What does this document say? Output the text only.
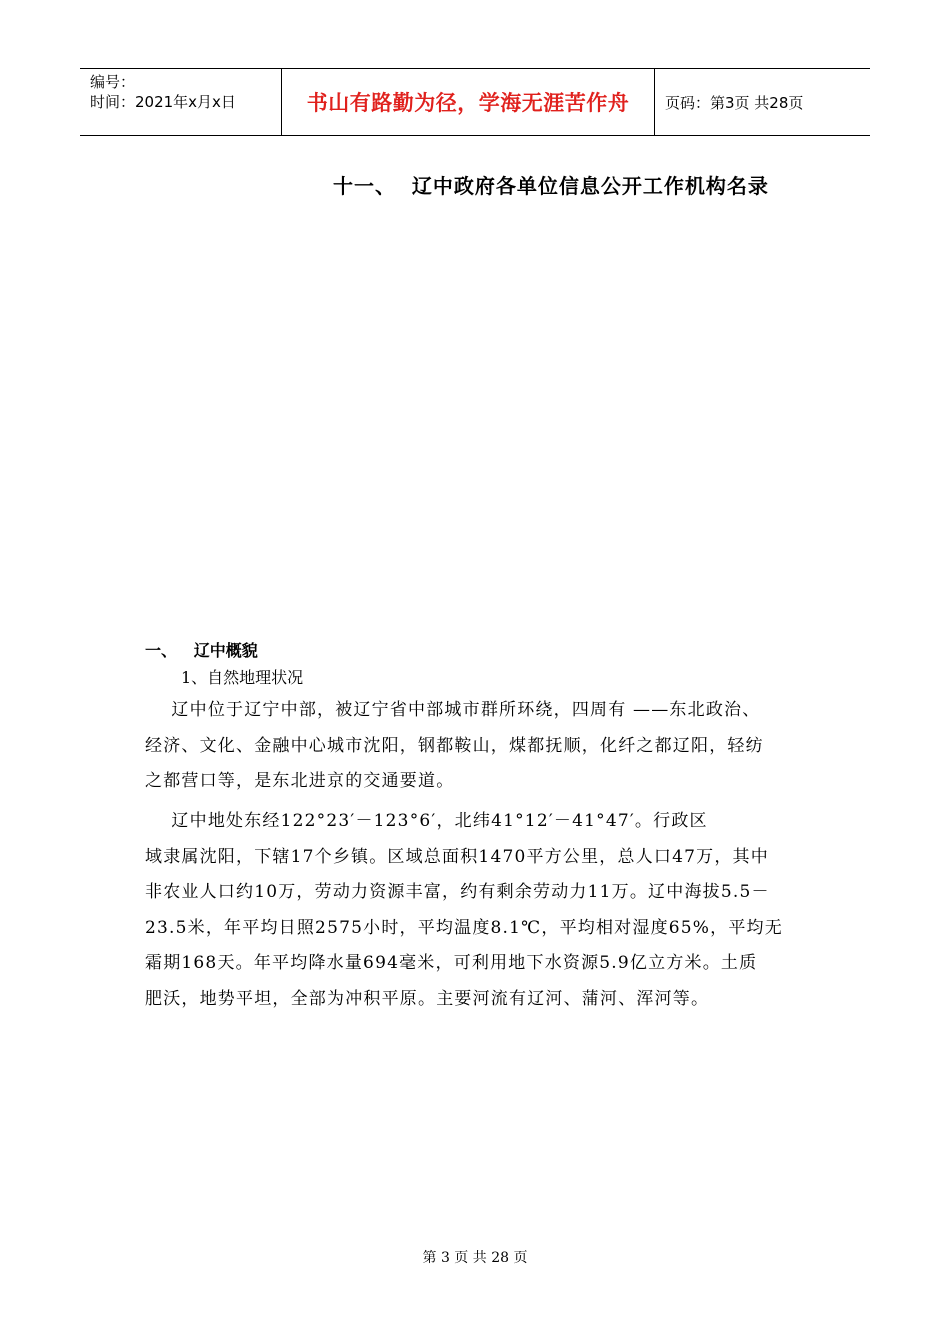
编号：
时间：2021年x月x日	书山有路勤为径，学海无涯苦作舟	页码：第3页 共28页
十一、  辽中政府各单位信息公开工作机构名录
一、   辽中概貌
1、自然地理状况
辽中位于辽宁中部，被辽宁省中部城市群所环绕，四周有 ——东北政治、
经济、文化、金融中心城市沈阳，钢都鞍山，煤都抚顺，化纤之都辽阳，轻纺
之都营口等，是东北进京的交通要道。
辽中地处东经122°23′－123°6′，北纬41°12′－41°47′。行政区
域隶属沈阳，下辖17个乡镇。区域总面积1470平方公里，总人口47万，其中
非农业人口约10万，劳动力资源丰富，约有剩余劳动力11万。辽中海拔5.5－
23.5米，年平均日照2575小时，平均温度8.1℃，平均相对湿度65%，平均无
霜期168天。年平均降水量694毫米，可利用地下水资源5.9亿立方米。土质
肥沃，地势平坦，全部为冲积平原。主要河流有辽河、蒲河、浑河等。
第 3 页 共 28 页
